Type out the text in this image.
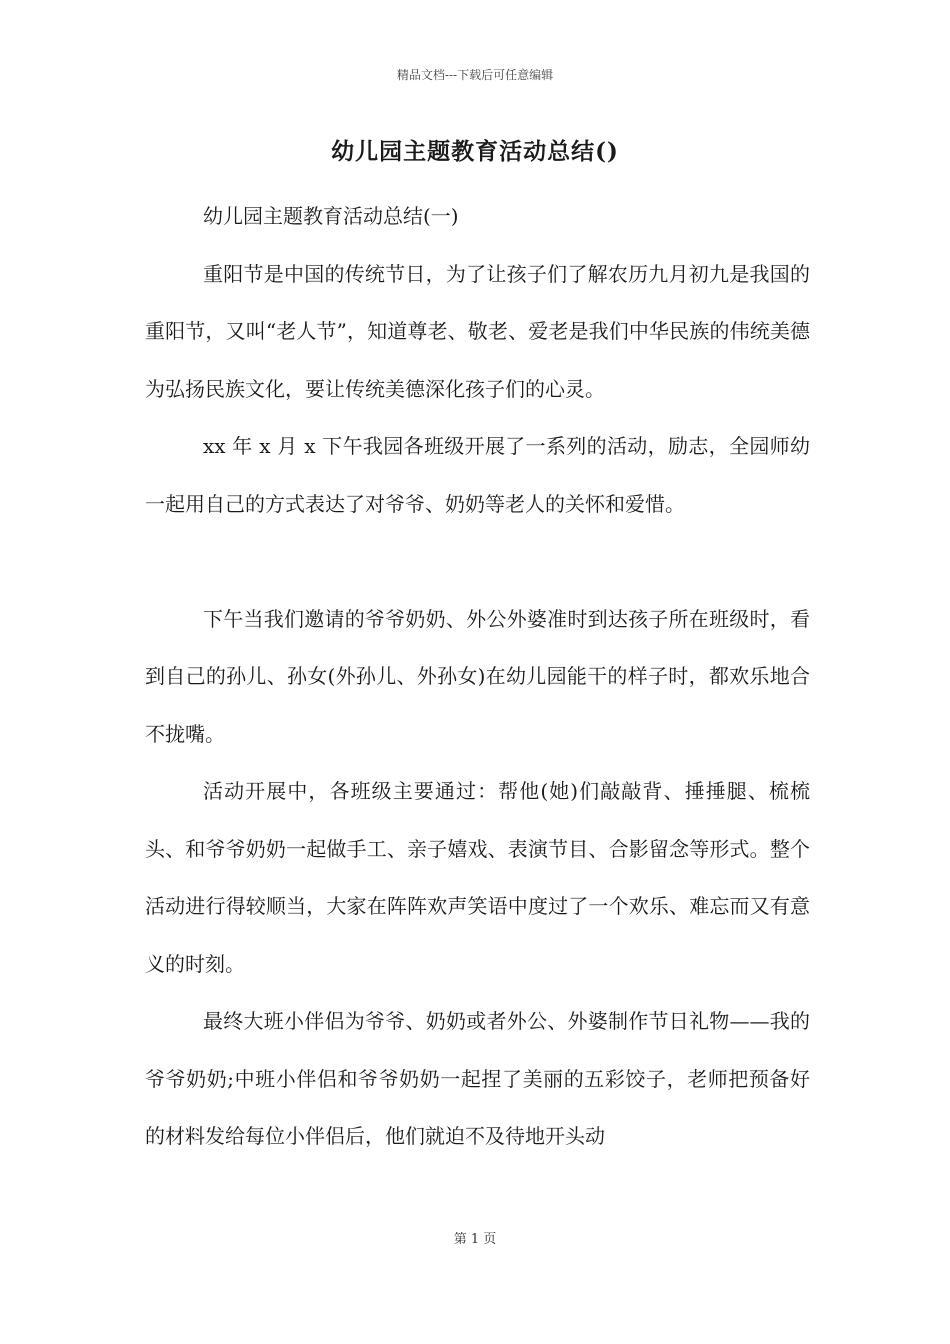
精品文档---下载后可任意编辑
幼儿园主题教育活动总结()

幼儿园主题教育活动总结(一)

重阳节是中国的传统节日，为了让孩子们了解农历九月初九是我国的重阳节，又叫“老人节”，知道尊老、敬老、爱老是我们中华民族的伟统美德为弘扬民族文化，要让传统美德深化孩子们的心灵。

xx 年 x 月 x 下午我园各班级开展了一系列的活动，励志，全园师幼一起用自己的方式表达了对爷爷、奶奶等老人的关怀和爱惜。

下午当我们邀请的爷爷奶奶、外公外婆准时到达孩子所在班级时，看到自己的孙儿、孙女(外孙儿、外孙女)在幼儿园能干的样子时，都欢乐地合不拢嘴。

活动开展中，各班级主要通过：帮他(她)们敲敲背、捶捶腿、梳梳头、和爷爷奶奶一起做手工、亲子嬉戏、表演节目、合影留念等形式。整个活动进行得较顺当，大家在阵阵欢声笑语中度过了一个欢乐、难忘而又有意义的时刻。

最终大班小伴侣为爷爷、奶奶或者外公、外婆制作节日礼物——我的爷爷奶奶;中班小伴侣和爷爷奶奶一起捏了美丽的五彩饺子，老师把预备好的材料发给每位小伴侣后，他们就迫不及待地开头动

第 1 页
